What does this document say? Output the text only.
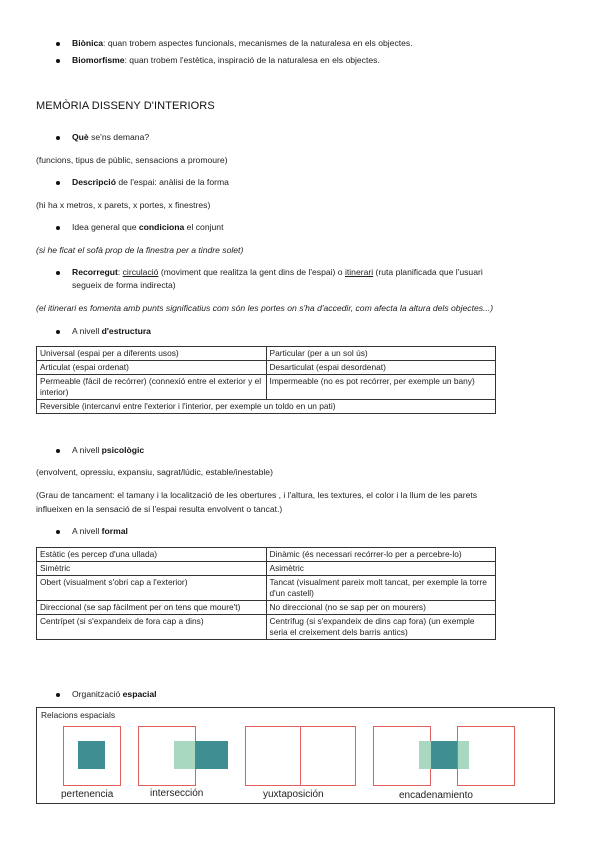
Biònica: quan trobem aspectes funcionals, mecanismes de la naturalesa en els objectes.
Biomorfisme: quan trobem l'estètica, inspiració de la naturalesa en els objectes.
MEMÒRIA DISSENY D'INTERIORS
Què se'ns demana?
(funcions, tipus de públic, sensacions a promoure)
Descripció de l'espai: anàlisi de la forma
(hi ha x metros, x parets, x portes, x finestres)
Idea general que condiciona el conjunt
(si he ficat el sofà prop de la finestra per a tindre solet)
Recorregut: circulació (moviment que realitza la gent dins de l'espai) o itinerari (ruta planificada que l'usuari
segueix de forma indirecta)
(el itinerari es fomenta amb punts significatius com són les portes on s'ha d'accedir, com afecta la altura dels objectes...)
A nivell d'estructura
Universal (espai per a diferents usos)	Particular (per a un sol ús)
Articulat (espai ordenat)	Desarticulat (espai desordenat)
Permeable (fàcil de recórrer) (connexió entre el exterior y el interior)	Impermeable (no es pot recórrer, per exemple un bany)
Reversible (intercanvi entre l'exterior i l'interior, per exemple un toldo en un pati)	
A nivell psicològic
(envolvent, opressiu, expansiu, sagrat/lúdic, estable/inestable)
(Grau de tancament: el tamany i la localització de les obertures , i l'altura, les textures, el color i la llum de les parets
influeixen en la sensació de si l'espai resulta envolvent o tancat.)
A nivell formal
Estàtic (es percep d'una ullada)	Dinàmic (és necessari recórrer-lo per a percebre-lo)
Simètric	Asimètric
Obert (visualment s'obri cap a l'exterior)	Tancat (visualment pareix molt tancat, per exemple la torre d'un castell)
Direccional (se sap fàcilment per on tens que moure't)	No direccional (no se sap per on mourers)
Centrípet (si s'expandeix de fora cap a dins)	Centrífug (si s'expandeix de dins cap fora) (un exemple seria el creixement dels barris antics)
Organització espacial
Relacions espacials
pertenencia	intersección	yuxtaposición	encadenamiento
